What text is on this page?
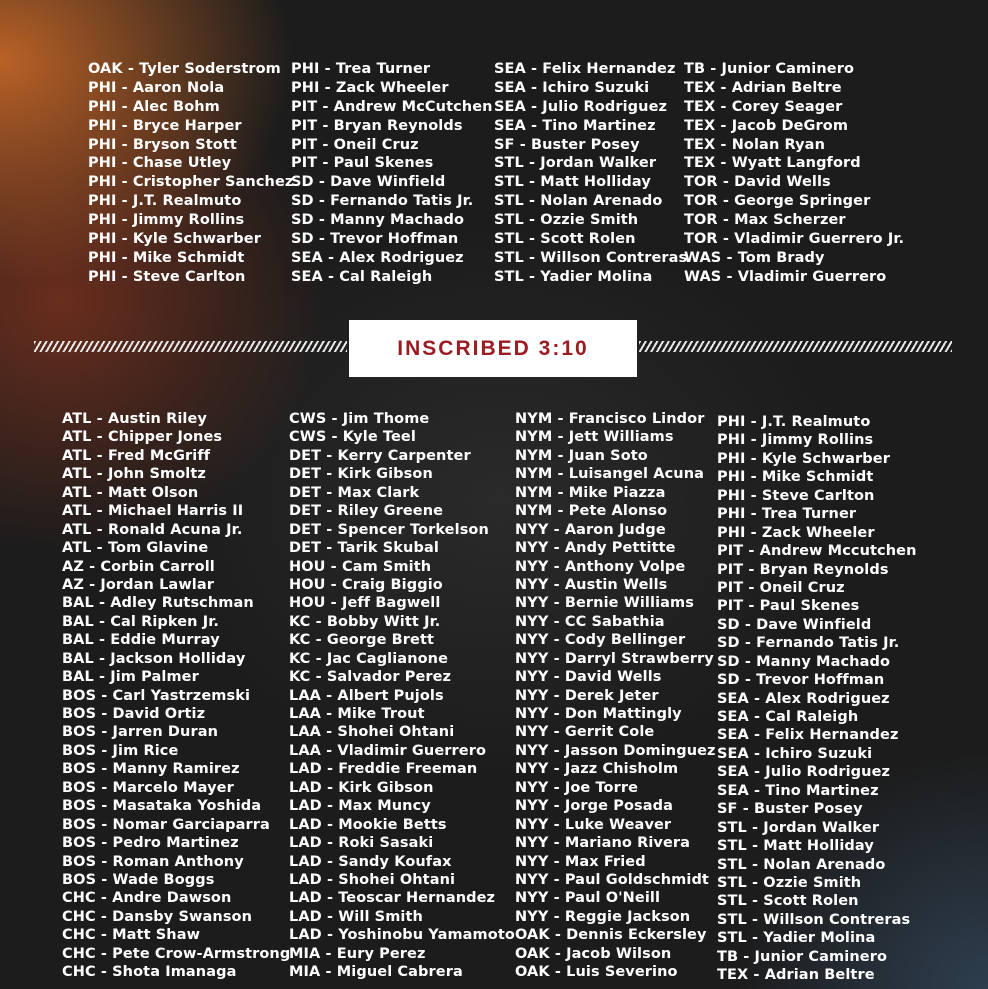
OAK - Tyler Soderstrom
PHI - Aaron Nola
PHI - Alec Bohm
PHI - Bryce Harper
PHI - Bryson Stott
PHI - Chase Utley
PHI - Cristopher Sanchez
PHI - J.T. Realmuto
PHI - Jimmy Rollins
PHI - Kyle Schwarber
PHI - Mike Schmidt
PHI - Steve Carlton
PHI - Trea Turner
PHI - Zack Wheeler
PIT - Andrew McCutchen
PIT - Bryan Reynolds
PIT - Oneil Cruz
PIT - Paul Skenes
SD - Dave Winfield
SD - Fernando Tatis Jr.
SD - Manny Machado
SD - Trevor Hoffman
SEA - Alex Rodriguez
SEA - Cal Raleigh
SEA - Felix Hernandez
SEA - Ichiro Suzuki
SEA - Julio Rodriguez
SEA - Tino Martinez
SF - Buster Posey
STL - Jordan Walker
STL - Matt Holliday
STL - Nolan Arenado
STL - Ozzie Smith
STL - Scott Rolen
STL - Willson Contreras
STL - Yadier Molina
TB - Junior Caminero
TEX - Adrian Beltre
TEX - Corey Seager
TEX - Jacob DeGrom
TEX - Nolan Ryan
TEX - Wyatt Langford
TOR - David Wells
TOR - George Springer
TOR - Max Scherzer
TOR - Vladimir Guerrero Jr.
WAS - Tom Brady
WAS - Vladimir Guerrero
INSCRIBED 3:10
ATL - Austin Riley
ATL - Chipper Jones
ATL - Fred McGriff
ATL - John Smoltz
ATL - Matt Olson
ATL - Michael Harris II
ATL - Ronald Acuna Jr.
ATL - Tom Glavine
AZ - Corbin Carroll
AZ - Jordan Lawlar
BAL - Adley Rutschman
BAL - Cal Ripken Jr.
BAL - Eddie Murray
BAL - Jackson Holliday
BAL - Jim Palmer
BOS - Carl Yastrzemski
BOS - David Ortiz
BOS - Jarren Duran
BOS - Jim Rice
BOS - Manny Ramirez
BOS - Marcelo Mayer
BOS - Masataka Yoshida
BOS - Nomar Garciaparra
BOS - Pedro Martinez
BOS - Roman Anthony
BOS - Wade Boggs
CHC - Andre Dawson
CHC - Dansby Swanson
CHC - Matt Shaw
CHC - Pete Crow-Armstrong
CHC - Shota Imanaga
CWS - Jim Thome
CWS - Kyle Teel
DET - Kerry Carpenter
DET - Kirk Gibson
DET - Max Clark
DET - Riley Greene
DET - Spencer Torkelson
DET - Tarik Skubal
HOU - Cam Smith
HOU - Craig Biggio
HOU - Jeff Bagwell
KC - Bobby Witt Jr.
KC - George Brett
KC - Jac Caglianone
KC - Salvador Perez
LAA - Albert Pujols
LAA - Mike Trout
LAA - Shohei Ohtani
LAA - Vladimir Guerrero
LAD - Freddie Freeman
LAD - Kirk Gibson
LAD - Max Muncy
LAD - Mookie Betts
LAD - Roki Sasaki
LAD - Sandy Koufax
LAD - Shohei Ohtani
LAD - Teoscar Hernandez
LAD - Will Smith
LAD - Yoshinobu Yamamoto
MIA - Eury Perez
MIA - Miguel Cabrera
NYM - Francisco Lindor
NYM - Jett Williams
NYM - Juan Soto
NYM - Luisangel Acuna
NYM - Mike Piazza
NYM - Pete Alonso
NYY - Aaron Judge
NYY - Andy Pettitte
NYY - Anthony Volpe
NYY - Austin Wells
NYY - Bernie Williams
NYY - CC Sabathia
NYY - Cody Bellinger
NYY - Darryl Strawberry
NYY - David Wells
NYY - Derek Jeter
NYY - Don Mattingly
NYY - Gerrit Cole
NYY - Jasson Dominguez
NYY - Jazz Chisholm
NYY - Joe Torre
NYY - Jorge Posada
NYY - Luke Weaver
NYY - Mariano Rivera
NYY - Max Fried
NYY - Paul Goldschmidt
NYY - Paul O'Neill
NYY - Reggie Jackson
OAK - Dennis Eckersley
OAK - Jacob Wilson
OAK - Luis Severino
PHI - J.T. Realmuto
PHI - Jimmy Rollins
PHI - Kyle Schwarber
PHI - Mike Schmidt
PHI - Steve Carlton
PHI - Trea Turner
PHI - Zack Wheeler
PIT - Andrew Mccutchen
PIT - Bryan Reynolds
PIT - Oneil Cruz
PIT - Paul Skenes
SD - Dave Winfield
SD - Fernando Tatis Jr.
SD - Manny Machado
SD - Trevor Hoffman
SEA - Alex Rodriguez
SEA - Cal Raleigh
SEA - Felix Hernandez
SEA - Ichiro Suzuki
SEA - Julio Rodriguez
SEA - Tino Martinez
SF - Buster Posey
STL - Jordan Walker
STL - Matt Holliday
STL - Nolan Arenado
STL - Ozzie Smith
STL - Scott Rolen
STL - Willson Contreras
STL - Yadier Molina
TB - Junior Caminero
TEX - Adrian Beltre
